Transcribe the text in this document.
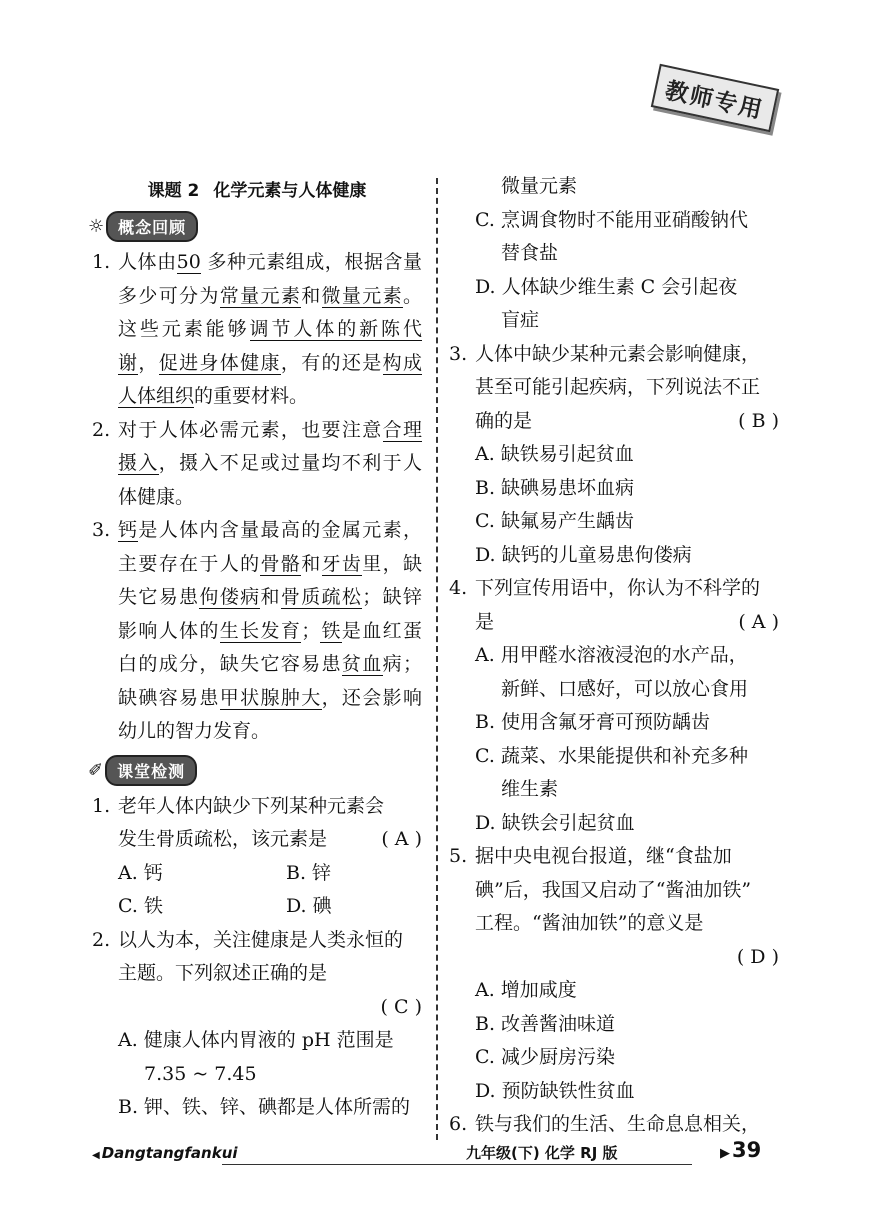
教师专用
课题 2 化学元素与人体健康
☼ 概念回顾
1. 人体由50 多种元素组成，根据含量多少可分为常量元素和微量元素。这些元素能够调节人体的新陈代谢，促进身体健康，有的还是构成人体组织的重要材料。
2. 对于人体必需元素，也要注意合理摄入，摄入不足或过量均不利于人体健康。
3. 钙是人体内含量最高的金属元素，主要存在于人的骨骼和牙齿里，缺失它易患佝偻病和骨质疏松；缺锌影响人体的生长发育；铁是血红蛋白的成分，缺失它容易患贫血病；缺碘容易患甲状腺肿大，还会影响幼儿的智力发育。
✐ 课堂检测
1. 老年人体内缺少下列某种元素会
发生骨质疏松，该元素是	( A )
A. 钙	B. 锌
C. 铁	D. 碘
2. 以人为本，关注健康是人类永恒的
主题。下列叙述正确的是
( C )
A. 健康人体内胃液的 pH 范围是
7.35 ~ 7.45
B. 钾、铁、锌、碘都是人体所需的
微量元素
C. 烹调食物时不能用亚硝酸钠代
替食盐
D. 人体缺少维生素 C 会引起夜
盲症
3. 人体中缺少某种元素会影响健康，
甚至可能引起疾病，下列说法不正
确的是	( B )
A. 缺铁易引起贫血
B. 缺碘易患坏血病
C. 缺氟易产生龋齿
D. 缺钙的儿童易患佝偻病
4. 下列宣传用语中，你认为不科学的
是	( A )
A. 用甲醛水溶液浸泡的水产品，
新鲜、口感好，可以放心食用
B. 使用含氟牙膏可预防龋齿
C. 蔬菜、水果能提供和补充多种
维生素
D. 缺铁会引起贫血
5. 据中央电视台报道，继“食盐加
碘”后，我国又启动了“酱油加铁”
工程。“酱油加铁”的意义是
( D )
A. 增加咸度
B. 改善酱油味道
C. 减少厨房污染
D. 预防缺铁性贫血
6. 铁与我们的生活、生命息息相关，
◀ Dangtangfankui	九年级(下) 化学 RJ 版
▶	39
